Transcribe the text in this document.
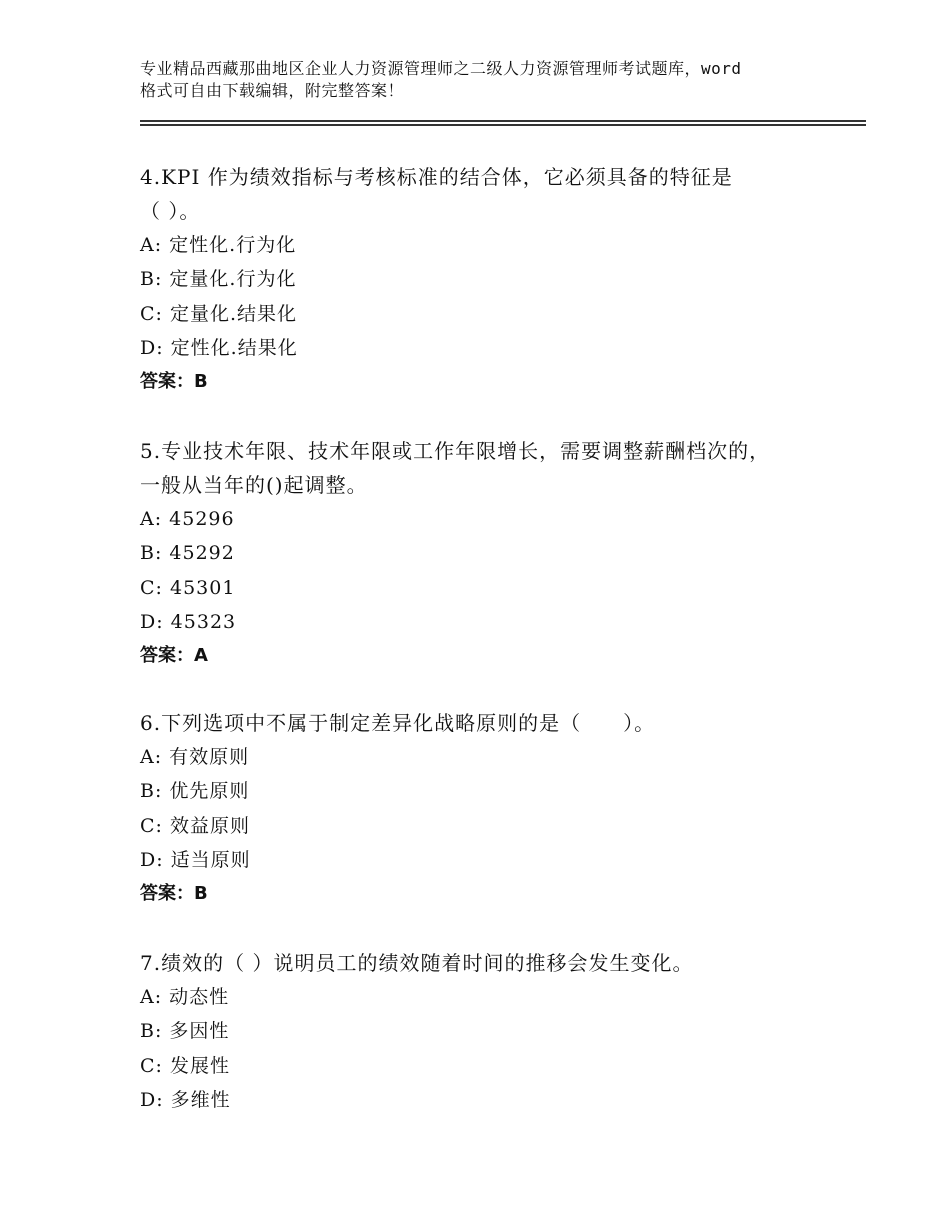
专业精品西藏那曲地区企业人力资源管理师之二级人力资源管理师考试题库，word
格式可自由下载编辑，附完整答案！
4.KPI 作为绩效指标与考核标准的结合体，它必须具备的特征是
（ ）。
A: 定性化.行为化
B: 定量化.行为化
C: 定量化.结果化
D: 定性化.结果化
答案：B
5.专业技术年限、技术年限或工作年限增长，需要调整薪酬档次的，
一般从当年的()起调整。
A: 45296
B: 45292
C: 45301
D: 45323
答案：A
6.下列选项中不属于制定差异化战略原则的是（　　）。
A: 有效原则
B: 优先原则
C: 效益原则
D: 适当原则
答案：B
7.绩效的（ ）说明员工的绩效随着时间的推移会发生变化。
A: 动态性
B: 多因性
C: 发展性
D: 多维性
